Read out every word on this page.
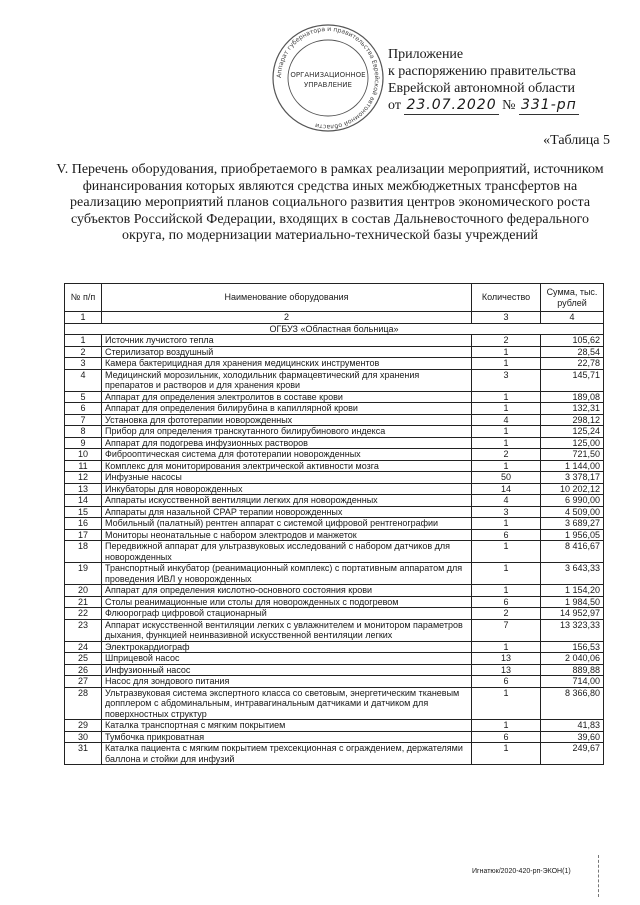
Аппарат губернатора и правительства Еврейской автономной области
ОРГАНИЗАЦИОННОЕ
УПРАВЛЕНИЕ
Приложение
к распоряжению правительства
Еврейской автономной области
от 23.07.2020 № 331-рп
«Таблица 5
V. Перечень оборудования, приобретаемого в рамках реализации мероприятий, источником финансирования которых являются средства иных межбюджетных трансфертов на реализацию мероприятий планов социального развития центров экономического роста субъектов Российской Федерации, входящих в состав Дальневосточного федерального округа, по модернизации материально-технической базы учреждений
№ п/п	Наименование оборудования	Количество	Сумма, тыс. рублей
1	2	3	4
ОГБУЗ «Областная больница»			
1	Источник лучистого тепла	2	105,62
2	Стерилизатор воздушный	1	28,54
3	Камера бактерицидная для хранения медицинских инструментов	1	22,78
4	Медицинский морозильник, холодильник фармацевтический для хранения препаратов и растворов и для хранения крови	3	145,71
5	Аппарат для определения электролитов в составе крови	1	189,08
6	Аппарат для определения билирубина в капиллярной крови	1	132,31
7	Установка для фототерапии новорожденных	4	298,12
8	Прибор для определения транскутанного билирубинового индекса	1	125,24
9	Аппарат для подогрева инфузионных растворов	1	125,00
10	Фиброоптическая система для фототерапии новорожденных	2	721,50
11	Комплекс для мониторирования электрической активности мозга	1	1 144,00
12	Инфузные насосы	50	3 378,17
13	Инкубаторы для новорожденных	14	10 202,12
14	Аппараты искусственной вентиляции легких для новорожденных	4	6 990,00
15	Аппараты для назальной CPAP терапии новорожденных	3	4 509,00
16	Мобильный (палатный) рентген аппарат с системой цифровой рентгенографии	1	3 689,27
17	Мониторы неонатальные с набором электродов и манжеток	6	1 956,05
18	Передвижной аппарат для ультразвуковых исследований с набором датчиков для новорожденных	1	8 416,67
19	Транспортный инкубатор (реанимационный комплекс) с портативным аппаратом для проведения ИВЛ у новорожденных	1	3 643,33
20	Аппарат для определения кислотно-основного состояния крови	1	1 154,20
21	Столы реанимационные или столы для новорожденных с подогревом	6	1 984,50
22	Флюорограф цифровой стационарный	2	14 952,97
23	Аппарат искусственной вентиляции легких с увлажнителем и монитором параметров дыхания, функцией неинвазивной искусственной вентиляции легких	7	13 323,33
24	Электрокардиограф	1	156,53
25	Шприцевой насос	13	2 040,06
26	Инфузионный насос	13	889,88
27	Насос для зондового питания	6	714,00
28	Ультразвуковая система экспертного класса со световым, энергетическим тканевым допплером с абдоминальным, интравагинальным датчиками и датчиком для поверхностных структур	1	8 366,80
29	Каталка транспортная с мягким покрытием	1	41,83
30	Тумбочка прикроватная	6	39,60
31	Каталка пациента с мягким покрытием трехсекционная с ограждением, держателями баллона и стойки для инфузий	1	249,67
Игнатюк/2020-420-рп-ЭКОН(1)
